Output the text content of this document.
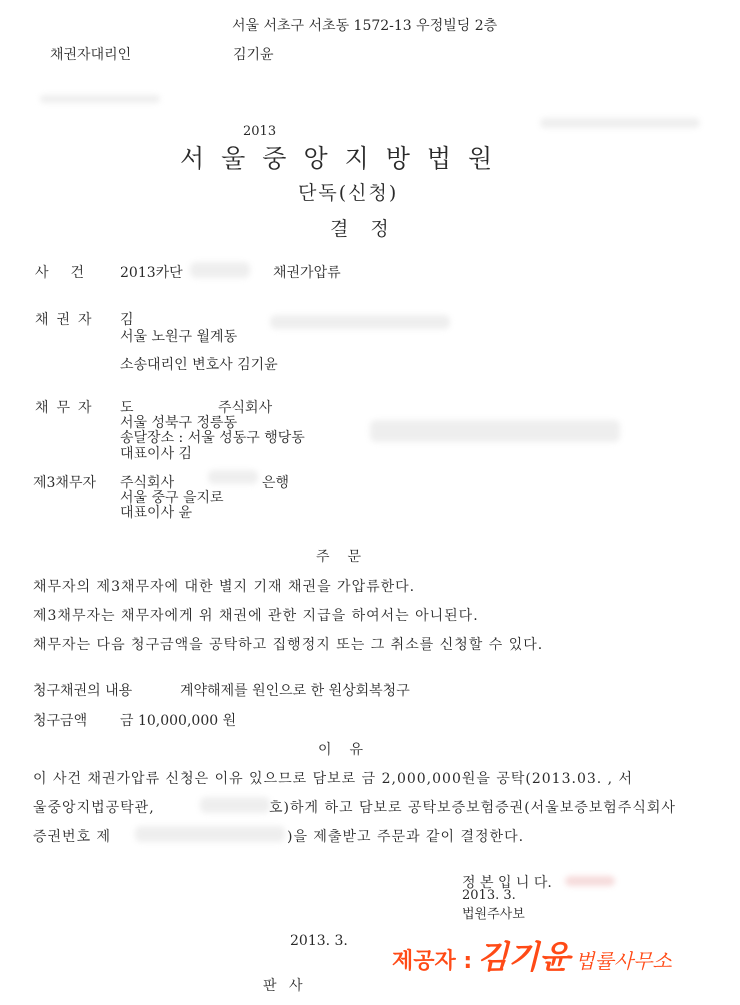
서울 서초구 서초동 1572-13 우정빌딩 2층
채권자대리인	김기윤
2013
서울중앙지방법원
단독(신청)
결정
사건 2013카단	채권가압류
채권자 김
서울 노원구 월계동
소송대리인 변호사 김기윤
채무자 도	주식회사
서울 성북구 정릉동
송달장소 : 서울 성동구 행당동
대표이사 김
제3채무자 주식회사	은행
서울 중구 을지로
대표이사 윤
주문
채무자의 제3채무자에 대한 별지 기재 채권을 가압류한다.
제3채무자는 채무자에게 위 채권에 관한 지급을 하여서는 아니된다.
채무자는 다음 청구금액을 공탁하고 집행정지 또는 그 취소를 신청할 수 있다.
청구채권의 내용	계약해제를 원인으로 한 원상회복청구
청구금액 금 10,000,000 원
이유
이 사건 채권가압류 신청은 이유 있으므로 담보로 금 2,000,000원을 공탁(2013.03. , 서
울중앙지법공탁관,	호)하게 하고 담보로 공탁보증보험증권(서울보증보험주식회사
증권번호 제	)을 제출받고 주문과 같이 결정한다.
정 본 입 니 다.
2013. 3.
법원주사보
2013. 3.
판 사
제공자 : 김기윤 법률사무소
